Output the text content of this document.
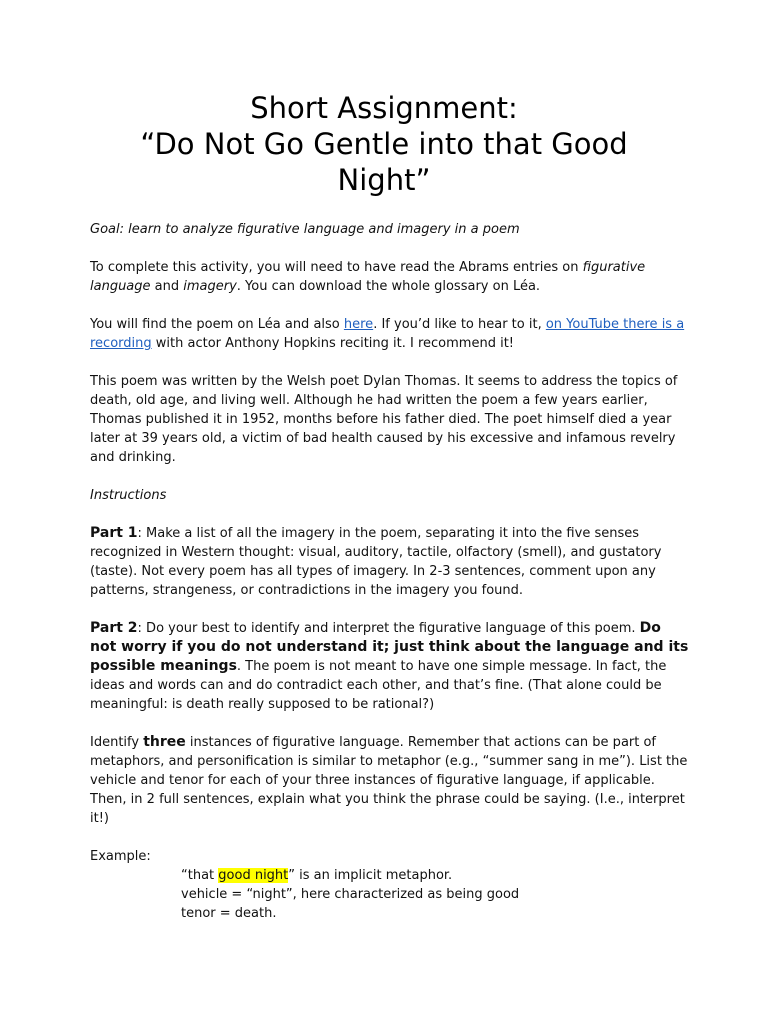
Short Assignment:
“Do Not Go Gentle into that Good
Night”

Goal: learn to analyze figurative language and imagery in a poem

To complete this activity, you will need to have read the Abrams entries on figurative language and imagery. You can download the whole glossary on Léa.

You will find the poem on Léa and also here. If you’d like to hear to it, on YouTube there is a recording with actor Anthony Hopkins reciting it. I recommend it!

This poem was written by the Welsh poet Dylan Thomas. It seems to address the topics of death, old age, and living well. Although he had written the poem a few years earlier, Thomas published it in 1952, months before his father died. The poet himself died a year later at 39 years old, a victim of bad health caused by his excessive and infamous revelry and drinking.

Instructions

Part 1: Make a list of all the imagery in the poem, separating it into the five senses recognized in Western thought: visual, auditory, tactile, olfactory (smell), and gustatory (taste). Not every poem has all types of imagery. In 2-3 sentences, comment upon any patterns, strangeness, or contradictions in the imagery you found.

Part 2: Do your best to identify and interpret the figurative language of this poem. Do not worry if you do not understand it; just think about the language and its possible meanings. The poem is not meant to have one simple message. In fact, the ideas and words can and do contradict each other, and that’s fine. (That alone could be meaningful: is death really supposed to be rational?)

Identify three instances of figurative language. Remember that actions can be part of metaphors, and personification is similar to metaphor (e.g., “summer sang in me”). List the vehicle and tenor for each of your three instances of figurative language, if applicable.
Then, in 2 full sentences, explain what you think the phrase could be saying. (I.e., interpret it!)

Example:

“that good night” is an implicit metaphor.

vehicle = “night”, here characterized as being good

tenor = death.
